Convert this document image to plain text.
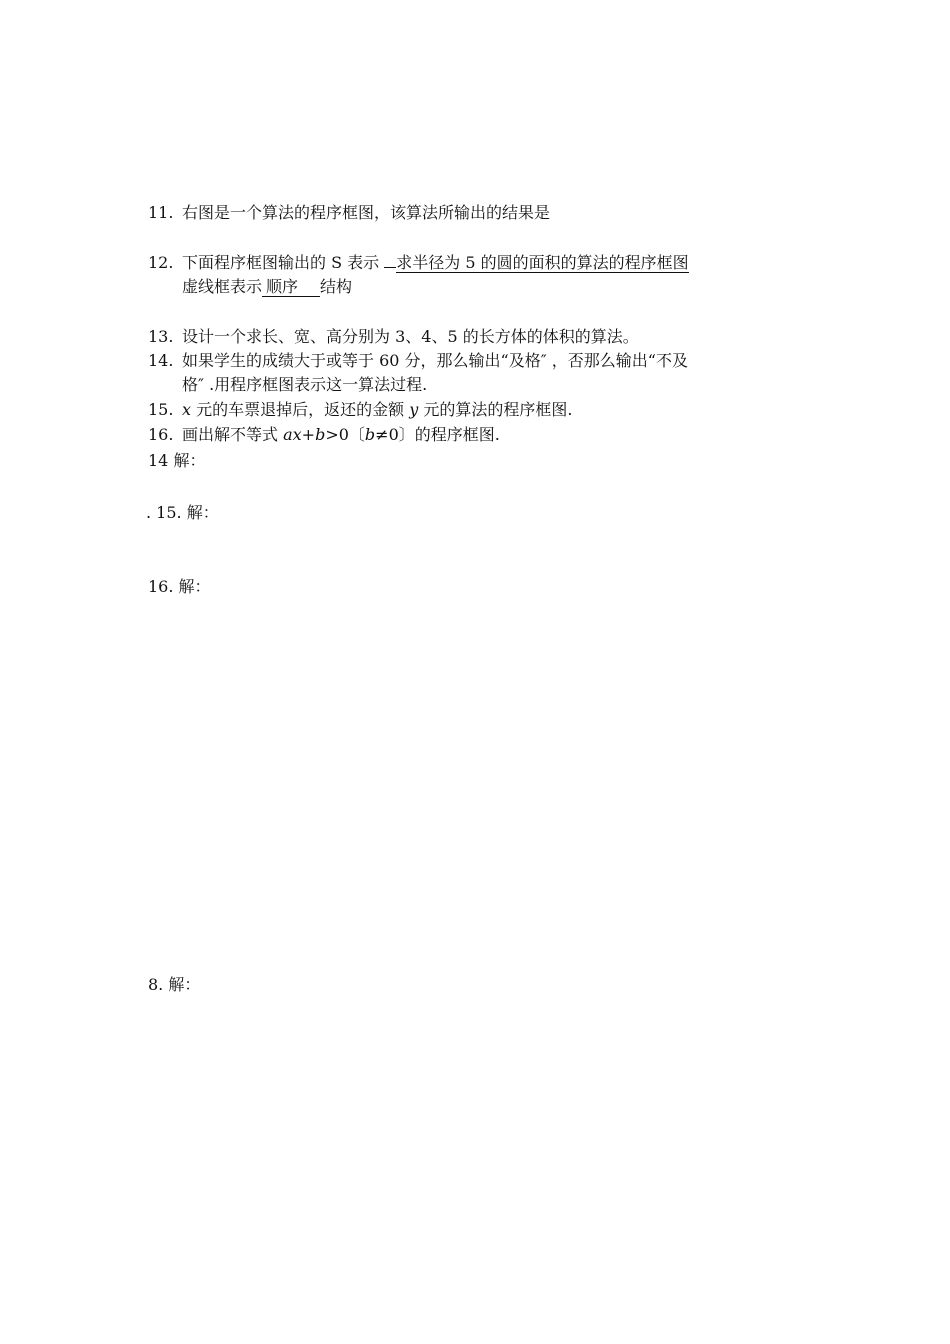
11. 右图是一个算法的程序框图，该算法所输出的结果是
12. 下面程序框图输出的 S 表示 求半径为 5 的圆的面积的算法的程序框图
虚线框表示 顺序 结构
13. 设计一个求长、宽、高分别为 3、4、5 的长方体的体积的算法。
14. 如果学生的成绩大于或等于 60 分，那么输出“及格″ ，否那么输出“不及
格″ .用程序框图表示这一算法过程.
15. x 元的车票退掉后，返还的金额 y 元的算法的程序框图.
16. 画出解不等式 ax+b>0〔b≠0〕的程序框图.
14 解：
. 15. 解：
16. 解：
8. 解：
